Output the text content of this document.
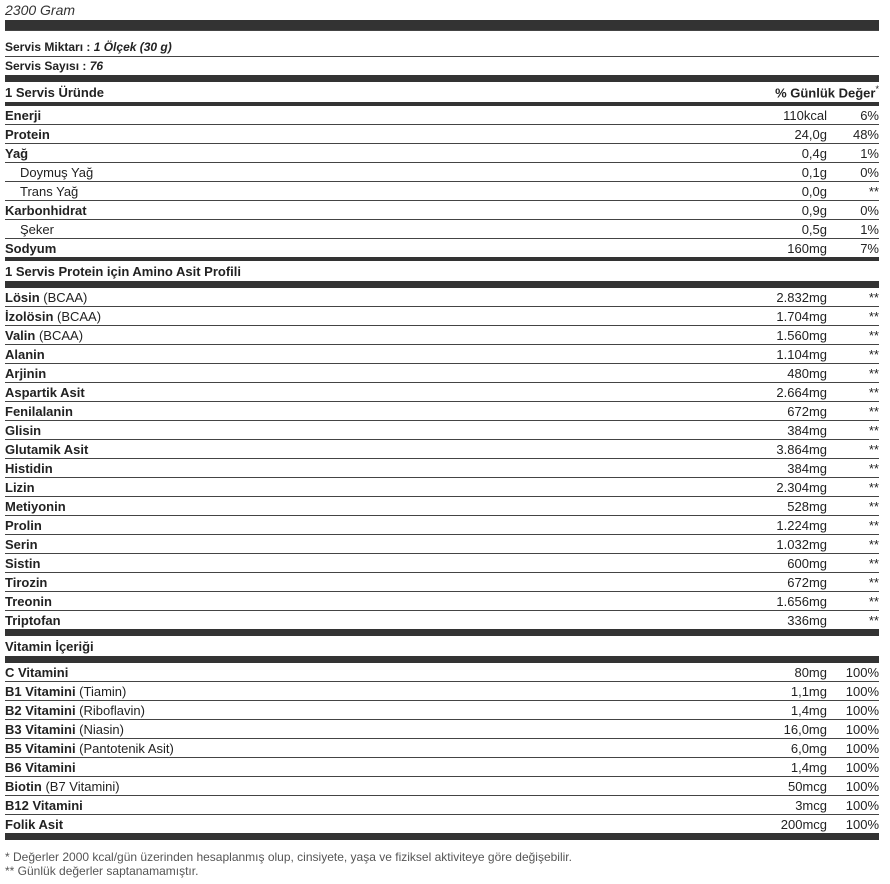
2300 Gram
Servis Miktarı : 1 Ölçek (30 g)
Servis Sayısı : 76
1 Servis Üründe	% Günlük Değer*
Enerji	110kcal	6%
Protein	24,0g	48%
Yağ	0,4g	1%
Doymuş Yağ	0,1g	0%
Trans Yağ	0,0g	**
Karbonhidrat	0,9g	0%
Şeker	0,5g	1%
Sodyum	160mg	7%
1 Servis Protein için Amino Asit Profili
Lösin (BCAA)	2.832mg	**
İzolösin (BCAA)	1.704mg	**
Valin (BCAA)	1.560mg	**
Alanin	1.104mg	**
Arjinin	480mg	**
Aspartik Asit	2.664mg	**
Fenilalanin	672mg	**
Glisin	384mg	**
Glutamik Asit	3.864mg	**
Histidin	384mg	**
Lizin	2.304mg	**
Metiyonin	528mg	**
Prolin	1.224mg	**
Serin	1.032mg	**
Sistin	600mg	**
Tirozin	672mg	**
Treonin	1.656mg	**
Triptofan	336mg	**
Vitamin İçeriği
C Vitamini	80mg	100%
B1 Vitamini (Tiamin)	1,1mg	100%
B2 Vitamini (Riboflavin)	1,4mg	100%
B3 Vitamini (Niasin)	16,0mg	100%
B5 Vitamini (Pantotenik Asit)	6,0mg	100%
B6 Vitamini	1,4mg	100%
Biotin (B7 Vitamini)	50mcg	100%
B12 Vitamini	3mcg	100%
Folik Asit	200mcg	100%
* Değerler 2000 kcal/gün üzerinden hesaplanmış olup, cinsiyete, yaşa ve fiziksel aktiviteye göre değişebilir.
** Günlük değerler saptanamamıştır.
